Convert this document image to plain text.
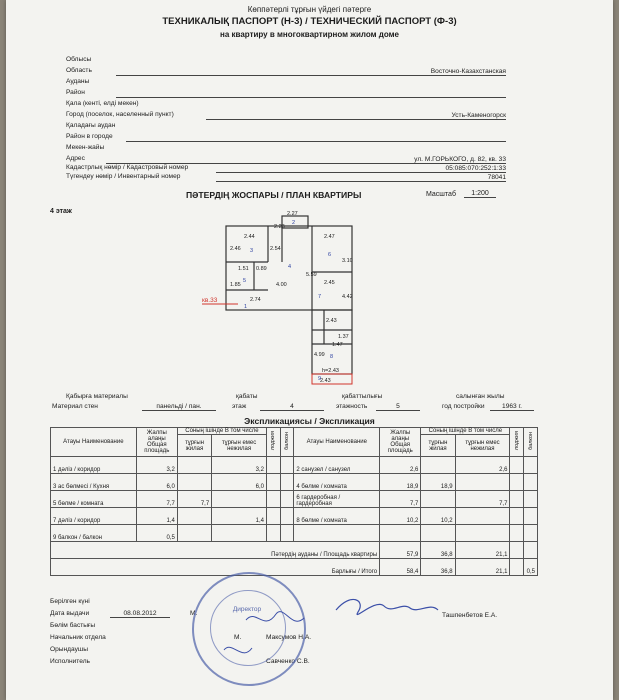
Көппәтерлі тұрғын үйдегі пәтерге
ТЕХНИКАЛЫҚ ПАСПОРТ (Н-3) / ТЕХНИЧЕСКИЙ ПАСПОРТ (Ф-3)
на квартиру в многоквартирном жилом доме
Облысы
Область	Восточно-Казахстанская
Ауданы
Район
Қала (кенті, елді мекен)
Город (поселок, населенный пункт)	Усть-Каменогорск
Қаладағы аудан
Район в городе
Мекен-жайы
Адрес	ул. М.ГОРЬКОГО, д. 82, кв. 33
Кадастрлық нөмір / Кадастровый номер	05:085:070:252:1:33
Түгендеу нөмір / Инвентарный номер	78041
ПӘТЕРДІҢ ЖОСПАРЫ / ПЛАН КВАРТИРЫ	Масштаб	1:200
4 этаж	2.27
2.23
2.44
2.46	2.54
2.47
3.10
1.51 0.89
5.59
1.85	4.00	2.45
4.42
2.74
2.43
1.37
1.47
4.99
2.43
h=2.43
кв.33
2
3
5
1
4
7
6
8
9
Қабырға материалы
Материал стен	панельді / пан.
қабаты
этаж	4
қабаттылығы
этажность	5
салынған жылы
год постройки	1963 г.
Экспликациясы / Экспликация
Атауы Наименование	Жалпы алаңы Общая площадь	Соның ішінде В том числе		лоджия	балкон	Атауы Наименование	Жалпы алаңы Общая площадь	Соның ішінде В том числе		лоджия	балкон
		тұрғын жилая	тұрғын емес нежилая					тұрғын жилая	тұрғын емес нежилая		
1 дәліз / коридор	3,2		3,2			2 санузел / санузел	2,6		2,6		
3 ас бөлмесі / Кухня	6,0		6,0			4 бөлме / комната	18,9	18,9			
5 бөлме / комната	7,7	7,7				6 гардеробная / гардеробная	7,7		7,7		
7 дәліз / коридор	1,4		1,4			8 бөлме / комната	10,2	10,2			
9 балкон / балкон	0,5										
Пәтердің ауданы / Площадь квартиры							57,9	36,8	21,1		
Барлығы / Итого							58,4	36,8	21,1		0,5
Берілген күні
Дата выдачи	08.08.2012	М.
Бөлім бастығы
Начальник отдела	М.	Максумов Н.А.
Орындаушы
Исполнитель	Савченко С.В.
Ташпенбетов Е.А.
Директор
